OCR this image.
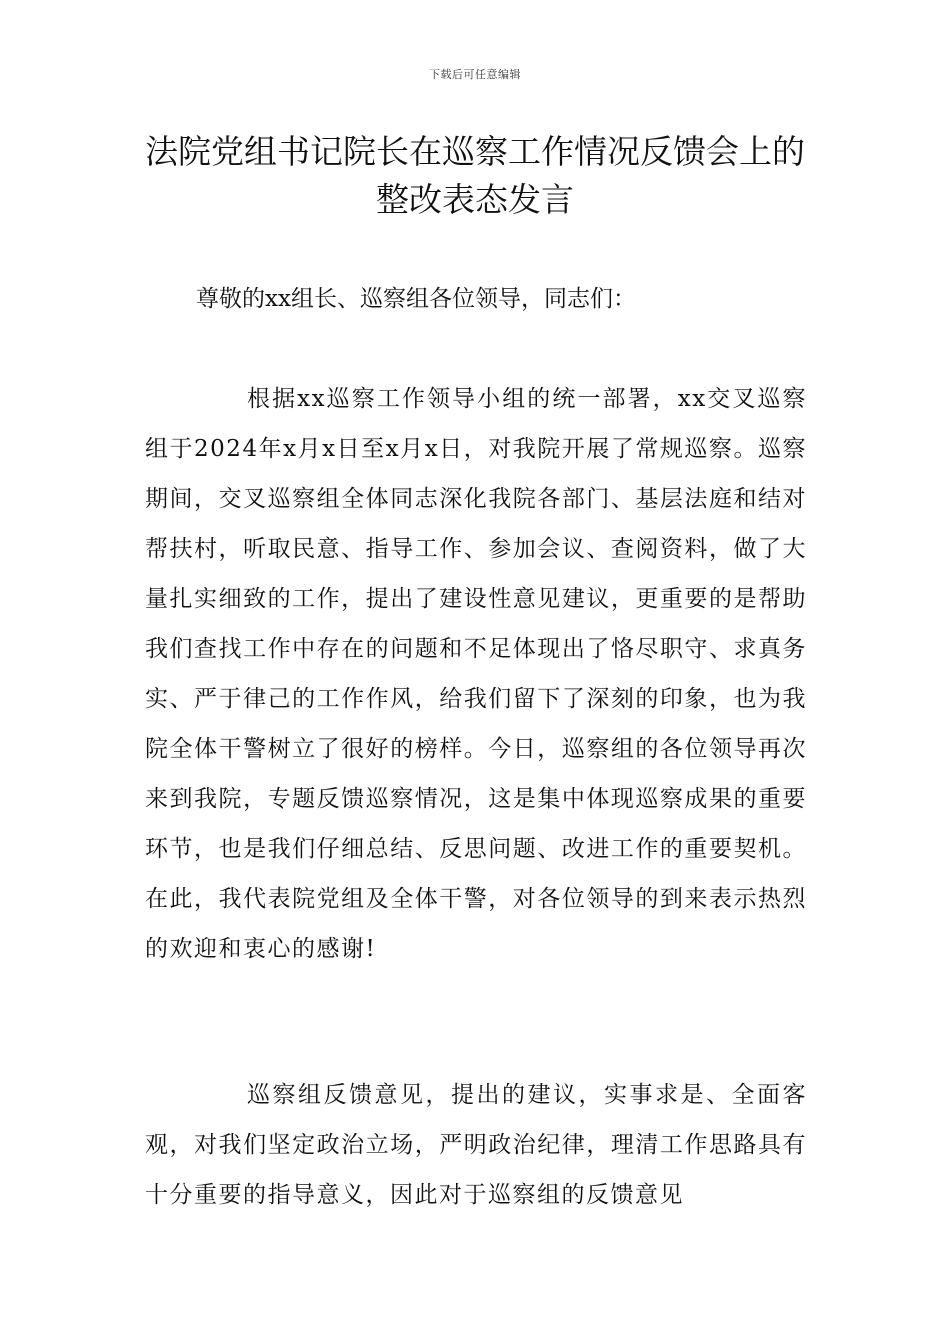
下载后可任意编辑
法院党组书记院长在巡察工作情况反馈会上的整改表态发言

尊敬的xx组长、巡察组各位领导，同志们：

根据xx巡察工作领导小组的统一部署，xx交叉巡察组于2024年x月x日至x月x日，对我院开展了常规巡察。巡察期间，交叉巡察组全体同志深化我院各部门、基层法庭和结对帮扶村，听取民意、指导工作、参加会议、查阅资料，做了大量扎实细致的工作，提出了建设性意见建议，更重要的是帮助我们查找工作中存在的问题和不足体现出了恪尽职守、求真务实、严于律己的工作作风，给我们留下了深刻的印象，也为我院全体干警树立了很好的榜样。今日，巡察组的各位领导再次来到我院，专题反馈巡察情况，这是集中体现巡察成果的重要环节，也是我们仔细总结、反思问题、改进工作的重要契机。在此，我代表院党组及全体干警，对各位领导的到来表示热烈的欢迎和衷心的感谢!

巡察组反馈意见，提出的建议，实事求是、全面客观，对我们坚定政治立场，严明政治纪律，理清工作思路具有十分重要的指导意义，因此对于巡察组的反馈意见
